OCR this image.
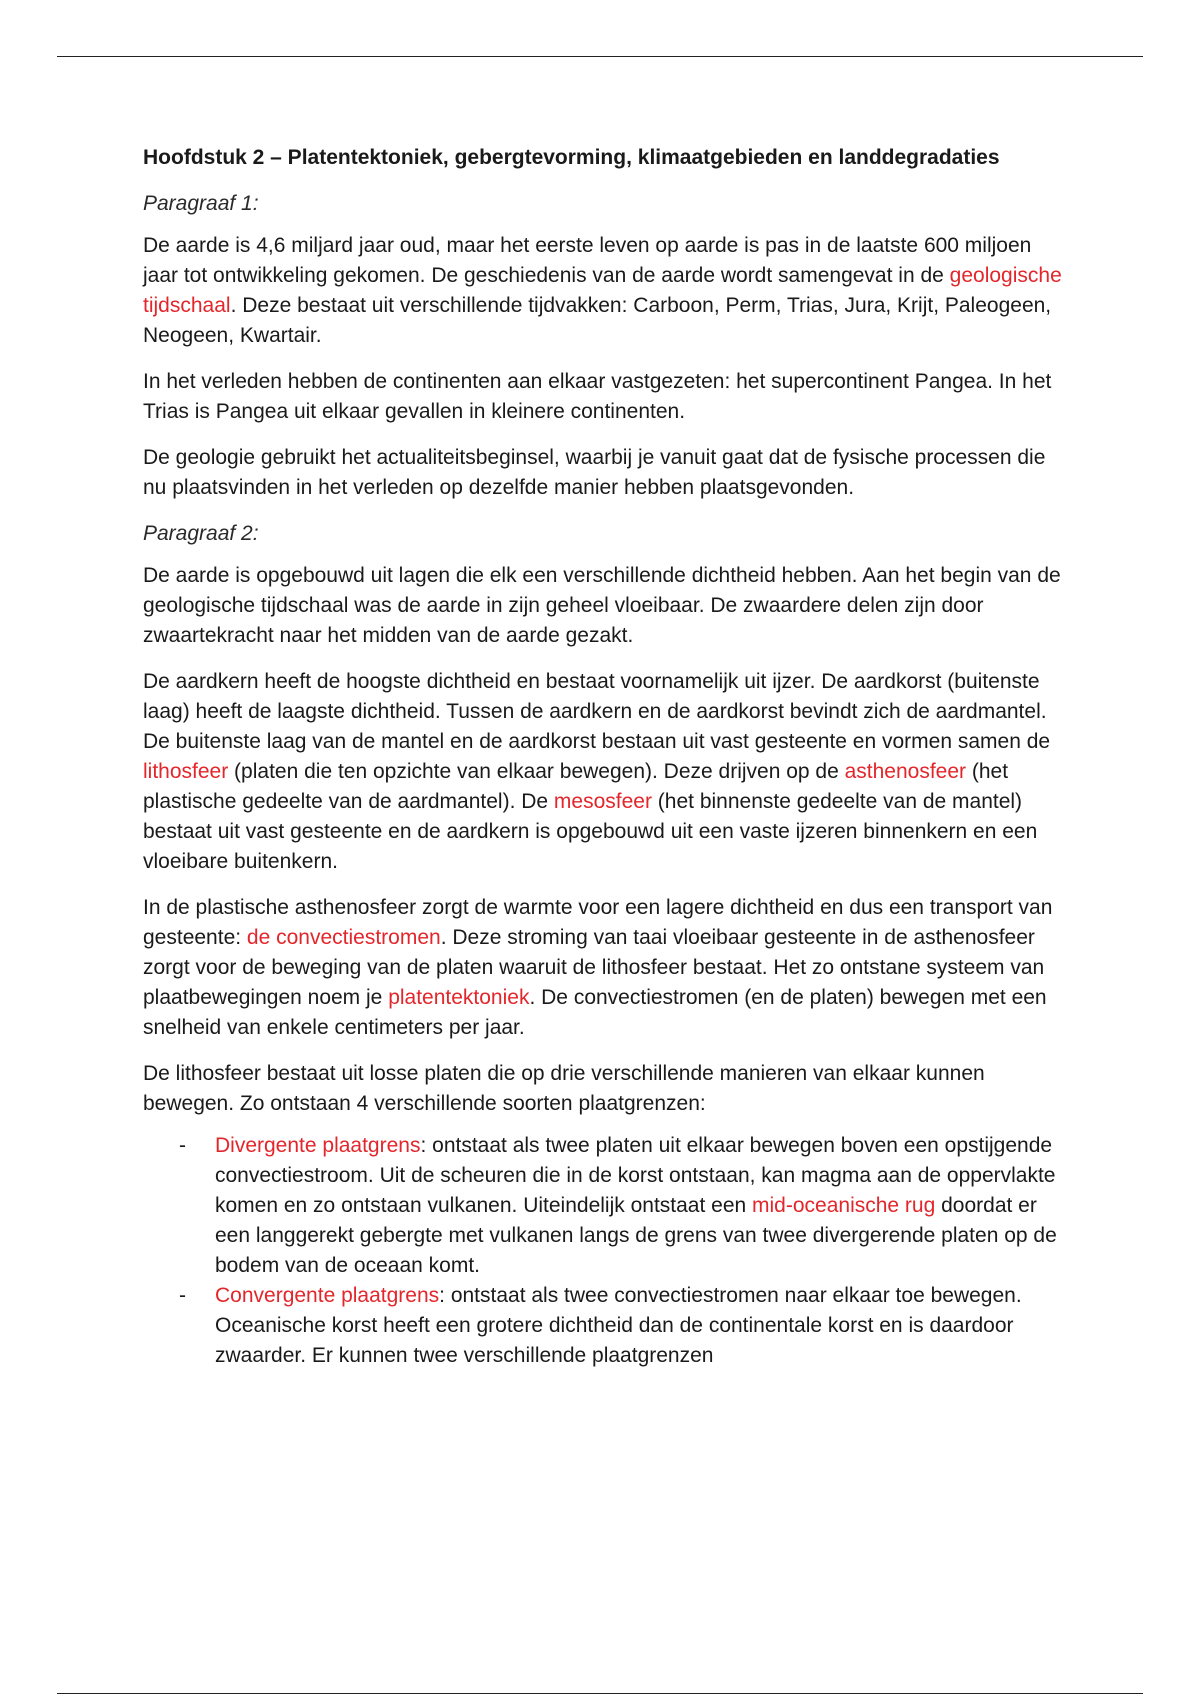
Hoofdstuk 2 – Platentektoniek, gebergtevorming, klimaatgebieden en landdegradaties

Paragraaf 1:

De aarde is 4,6 miljard jaar oud, maar het eerste leven op aarde is pas in de laatste 600 miljoen jaar tot ontwikkeling gekomen. De geschiedenis van de aarde wordt samengevat in de geologische tijdschaal. Deze bestaat uit verschillende tijdvakken: Carboon, Perm, Trias, Jura, Krijt, Paleogeen, Neogeen, Kwartair.

In het verleden hebben de continenten aan elkaar vastgezeten: het supercontinent Pangea. In het Trias is Pangea uit elkaar gevallen in kleinere continenten.

De geologie gebruikt het actualiteitsbeginsel, waarbij je vanuit gaat dat de fysische processen die nu plaatsvinden in het verleden op dezelfde manier hebben plaatsgevonden.

Paragraaf 2:

De aarde is opgebouwd uit lagen die elk een verschillende dichtheid hebben. Aan het begin van de geologische tijdschaal was de aarde in zijn geheel vloeibaar. De zwaardere delen zijn door zwaartekracht naar het midden van de aarde gezakt.

De aardkern heeft de hoogste dichtheid en bestaat voornamelijk uit ijzer. De aardkorst (buitenste laag) heeft de laagste dichtheid. Tussen de aardkern en de aardkorst bevindt zich de aardmantel. De buitenste laag van de mantel en de aardkorst bestaan uit vast gesteente en vormen samen de lithosfeer (platen die ten opzichte van elkaar bewegen). Deze drijven op de asthenosfeer (het plastische gedeelte van de aardmantel). De mesosfeer (het binnenste gedeelte van de mantel) bestaat uit vast gesteente en de aardkern is opgebouwd uit een vaste ijzeren binnenkern en een vloeibare buitenkern.

In de plastische asthenosfeer zorgt de warmte voor een lagere dichtheid en dus een transport van gesteente: de convectiestromen. Deze stroming van taai vloeibaar gesteente in de asthenosfeer zorgt voor de beweging van de platen waaruit de lithosfeer bestaat. Het zo ontstane systeem van plaatbewegingen noem je platentektoniek. De convectiestromen (en de platen) bewegen met een snelheid van enkele centimeters per jaar.

De lithosfeer bestaat uit losse platen die op drie verschillende manieren van elkaar kunnen bewegen. Zo ontstaan 4 verschillende soorten plaatgrenzen:

- Divergente plaatgrens: ontstaat als twee platen uit elkaar bewegen boven een opstijgende convectiestroom. Uit de scheuren die in de korst ontstaan, kan magma aan de oppervlakte komen en zo ontstaan vulkanen. Uiteindelijk ontstaat een mid-oceanische rug doordat er een langgerekt gebergte met vulkanen langs de grens van twee divergerende platen op de bodem van de oceaan komt.
- Convergente plaatgrens: ontstaat als twee convectiestromen naar elkaar toe bewegen. Oceanische korst heeft een grotere dichtheid dan de continentale korst en is daardoor zwaarder. Er kunnen twee verschillende plaatgrenzen
